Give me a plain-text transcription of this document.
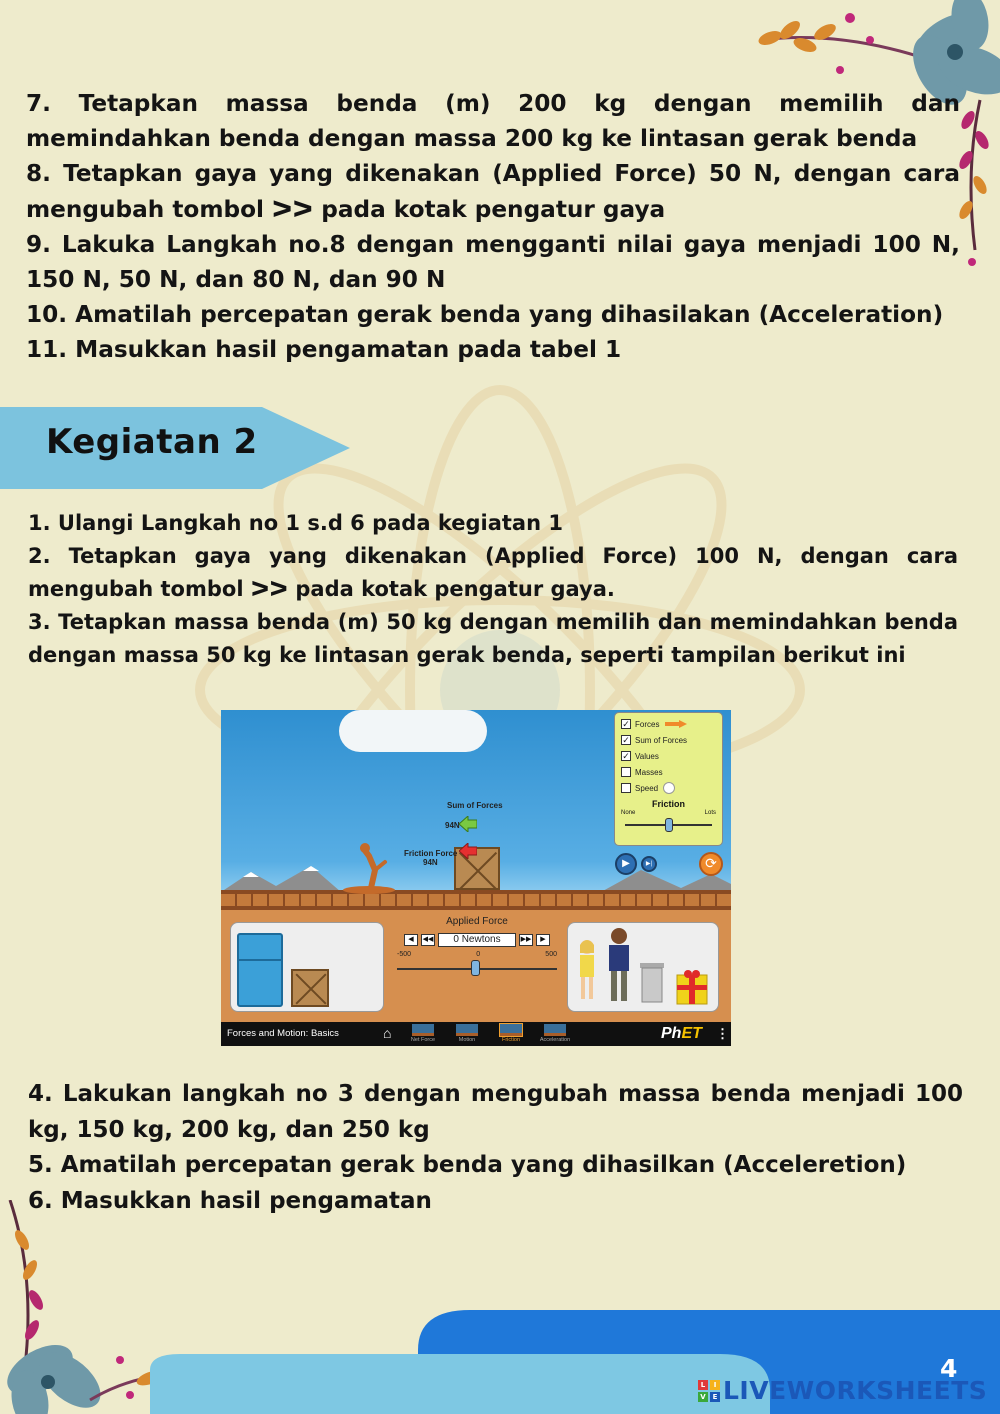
7. Tetapkan massa benda (m) 200 kg dengan memilih dan memindahkan benda dengan massa 200 kg ke lintasan gerak benda
8. Tetapkan gaya yang dikenakan (Applied Force) 50 N, dengan cara mengubah tombol ᐳᐳ pada kotak pengatur gaya
9. Lakuka Langkah no.8 dengan mengganti nilai gaya menjadi 100 N, 150 N, 50 N, dan 80 N, dan 90 N
10. Amatilah percepatan gerak benda yang dihasilakan (Acceleration)
11. Masukkan hasil pengamatan pada tabel 1
Kegiatan 2
1. Ulangi Langkah no 1 s.d 6 pada kegiatan 1
2. Tetapkan gaya yang dikenakan (Applied Force) 100 N, dengan cara mengubah tombol ᐳᐳ pada kotak pengatur gaya.
3. Tetapkan massa benda (m) 50 kg dengan memilih dan memindahkan benda dengan massa 50 kg ke lintasan gerak benda, seperti tampilan berikut ini
Sum of Forces
94N
Friction Force
94N
✓ Forces
✓ Sum of Forces
✓ Values
Masses
Speed
Friction
None	Lots
▶	▶|	⟳
Applied Force
◀	◀◀	0 Newtons	▶▶	▶
-500	0	500
Forces and Motion: Basics	⌂	Net Force	Motion	Friction	Acceleration	PhET ⋮
4. Lakukan langkah no 3 dengan mengubah massa benda menjadi 100 kg, 150 kg, 200 kg, dan 250 kg
5. Amatilah percepatan gerak benda yang dihasilkan (Acceleretion)
6. Masukkan hasil pengamatan
4
L	I
V E LIVEWORKSHEETS
